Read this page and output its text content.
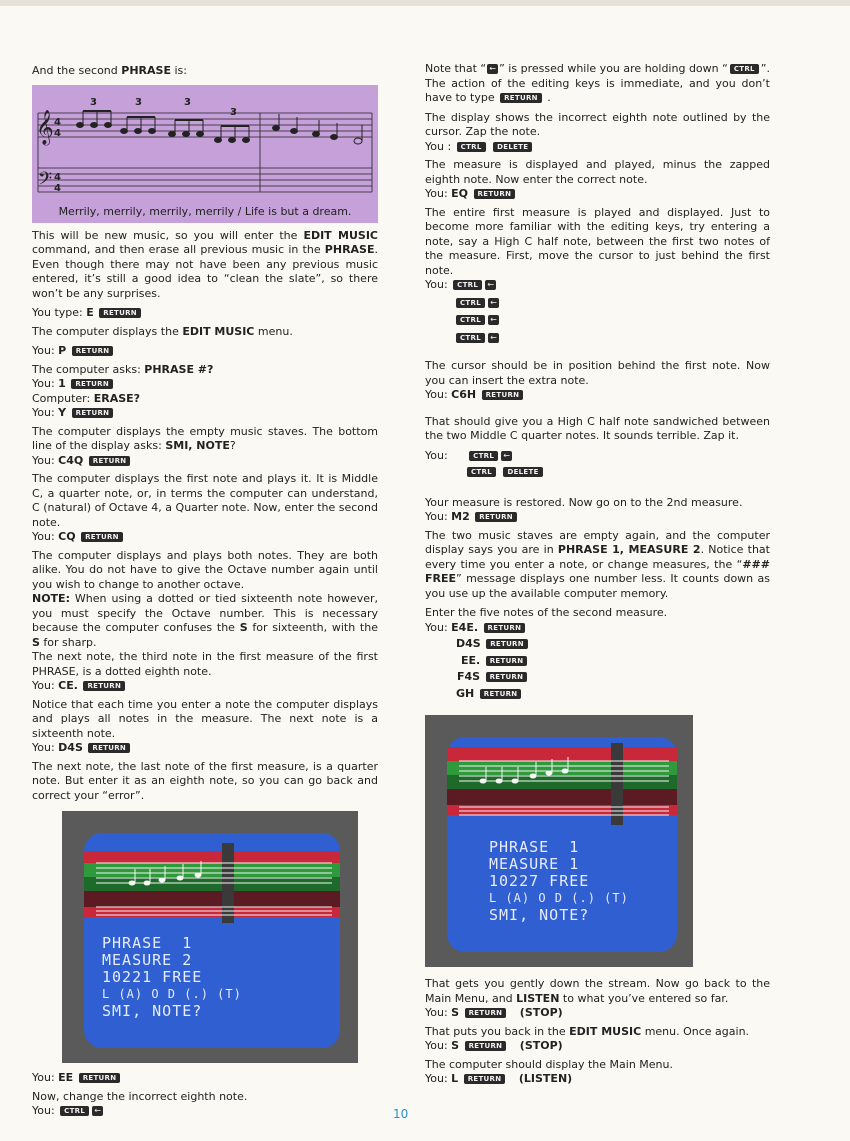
And the second PHRASE is:

𝄞
𝄢
4
4
4
4
3	3	3
3
Merrily, merrily, merrily, merrily / Life is but a dream.

This will be new music, so you will enter the EDIT MUSIC command, and then erase all previous music in the PHRASE. Even though there may not have been any previous music entered, it’s still a good idea to “clean the slate”, so there won’t be any surprises.

You type: E RETURN

The computer displays the EDIT MUSIC menu.

You: P RETURN

The computer asks: PHRASE #?

You: 1 RETURN
Computer: ERASE?
You: Y RETURN

The computer displays the empty music staves. The bottom line of the display asks: SMI, NOTE?

You: C4Q RETURN

The computer displays the first note and plays it. It is Middle C, a quarter note, or, in terms the computer can understand, C (natural) of Octave 4, a Quarter note. Now, enter the second note.

You: CQ RETURN

The computer displays and plays both notes. They are both alike. You do not have to give the Octave number again until you wish to change to another octave.

NOTE: When using a dotted or tied sixteenth note however, you must specify the Octave number. This is necessary because the computer confuses the S for sixteenth, with the S for sharp.

The next note, the third note in the first measure of the first PHRASE, is a dotted eighth note.

You: CE. RETURN

Notice that each time you enter a note the computer displays and plays all notes in the measure. The next note is a sixteenth note.

You: D4S RETURN

The next note, the last note of the first measure, is a quarter note. But enter it as an eighth note, so you can go back and correct your “error”.

PHRASE  1
MEASURE 2
10221 FREE
L (A) O D (.) (T)
SMI, NOTE?
You: EE RETURN

Now, change the incorrect eighth note.

You: CTRL ←

Note that “ ← ” is pressed while you are holding down “ CTRL ”. The action of the editing keys is immediate, and you don’t have to type RETURN .

The display shows the incorrect eighth note outlined by the cursor. Zap the note.

You : CTRL DELETE

The measure is displayed and played, minus the zapped eighth note. Now enter the correct note.

You: EQ RETURN

The entire first measure is played and displayed. Just to become more familiar with the editing keys, try entering a note, say a High C half note, between the first two notes of the measure. First, move the cursor to just behind the first note.

You: CTRL ←
CTRL ←
CTRL ←
CTRL ←

The cursor should be in position behind the first note. Now you can insert the extra note.

You: C6H RETURN

That should give you a High C half note sandwiched between the two Middle C quarter notes. It sounds terrible. Zap it.

You:	CTRL ←
CTRL DELETE

Your measure is restored. Now go on to the 2nd measure.

You: M2 RETURN

The two music staves are empty again, and the computer display says you are in PHRASE 1, MEASURE 2. Notice that every time you enter a note, or change measures, the “### FREE” message displays one number less. It counts down as you use up the available computer memory.

Enter the five notes of the second measure.

You: E4E. RETURN
D4S RETURN
EE. RETURN
F4S RETURN
GH RETURN
PHRASE  1
MEASURE 1
10227 FREE
L (A) O D (.) (T)
SMI, NOTE?

That gets you gently down the stream. Now go back to the Main Menu, and LISTEN to what you’ve entered so far.

You: S RETURN (STOP)

That puts you back in the EDIT MUSIC menu. Once again.

You: S RETURN (STOP)

The computer should display the Main Menu.

You: L RETURN (LISTEN)
10
